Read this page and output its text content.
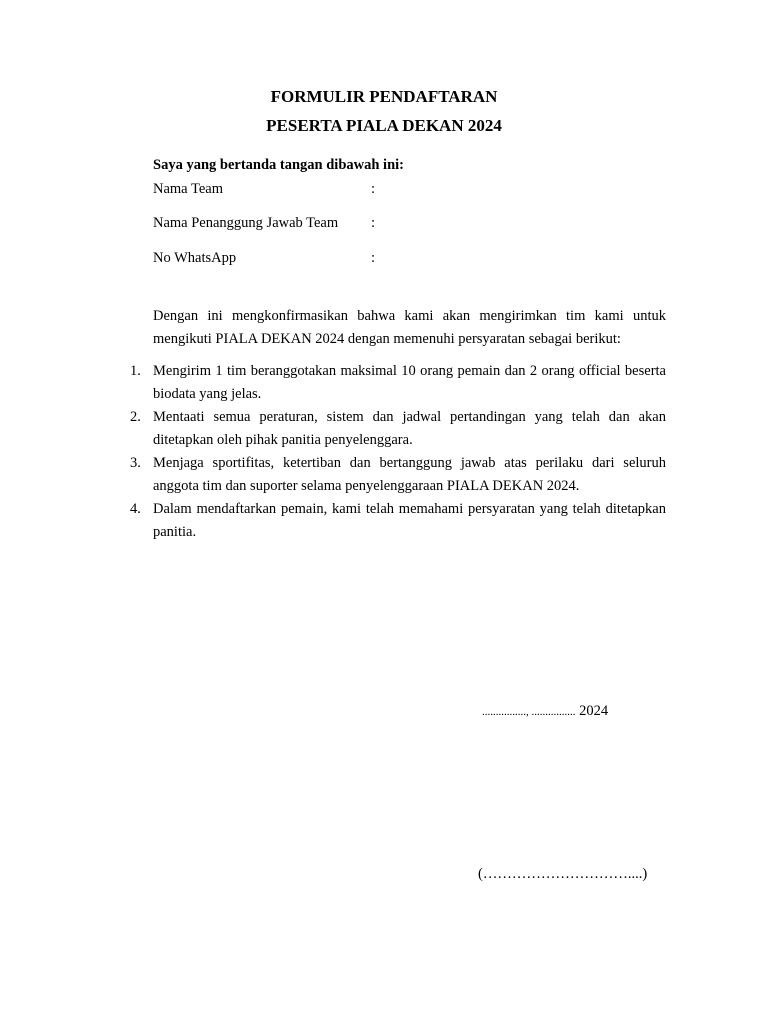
FORMULIR PENDAFTARAN
PESERTA PIALA DEKAN 2024

Saya yang bertanda tangan dibawah ini:

Nama Team	:
Nama Penanggung Jawab Team :
No WhatsApp	:

Dengan ini mengkonfirmasikan bahwa kami akan mengirimkan tim kami untuk mengikuti PIALA DEKAN 2024 dengan memenuhi persyaratan sebagai berikut:

1. Mengirim 1 tim beranggotakan maksimal 10 orang pemain dan 2 orang official beserta biodata yang jelas.
2. Mentaati semua peraturan, sistem dan jadwal pertandingan yang telah dan akan ditetapkan oleh pihak panitia penyelenggara.
3. Menjaga sportifitas, ketertiban dan bertanggung jawab atas perilaku dari seluruh anggota tim dan suporter selama penyelenggaraan PIALA DEKAN 2024.
4. Dalam mendaftarkan pemain, kami telah memahami persyaratan yang telah ditetapkan panitia.
................, ................ 2024
(…………………………....)
